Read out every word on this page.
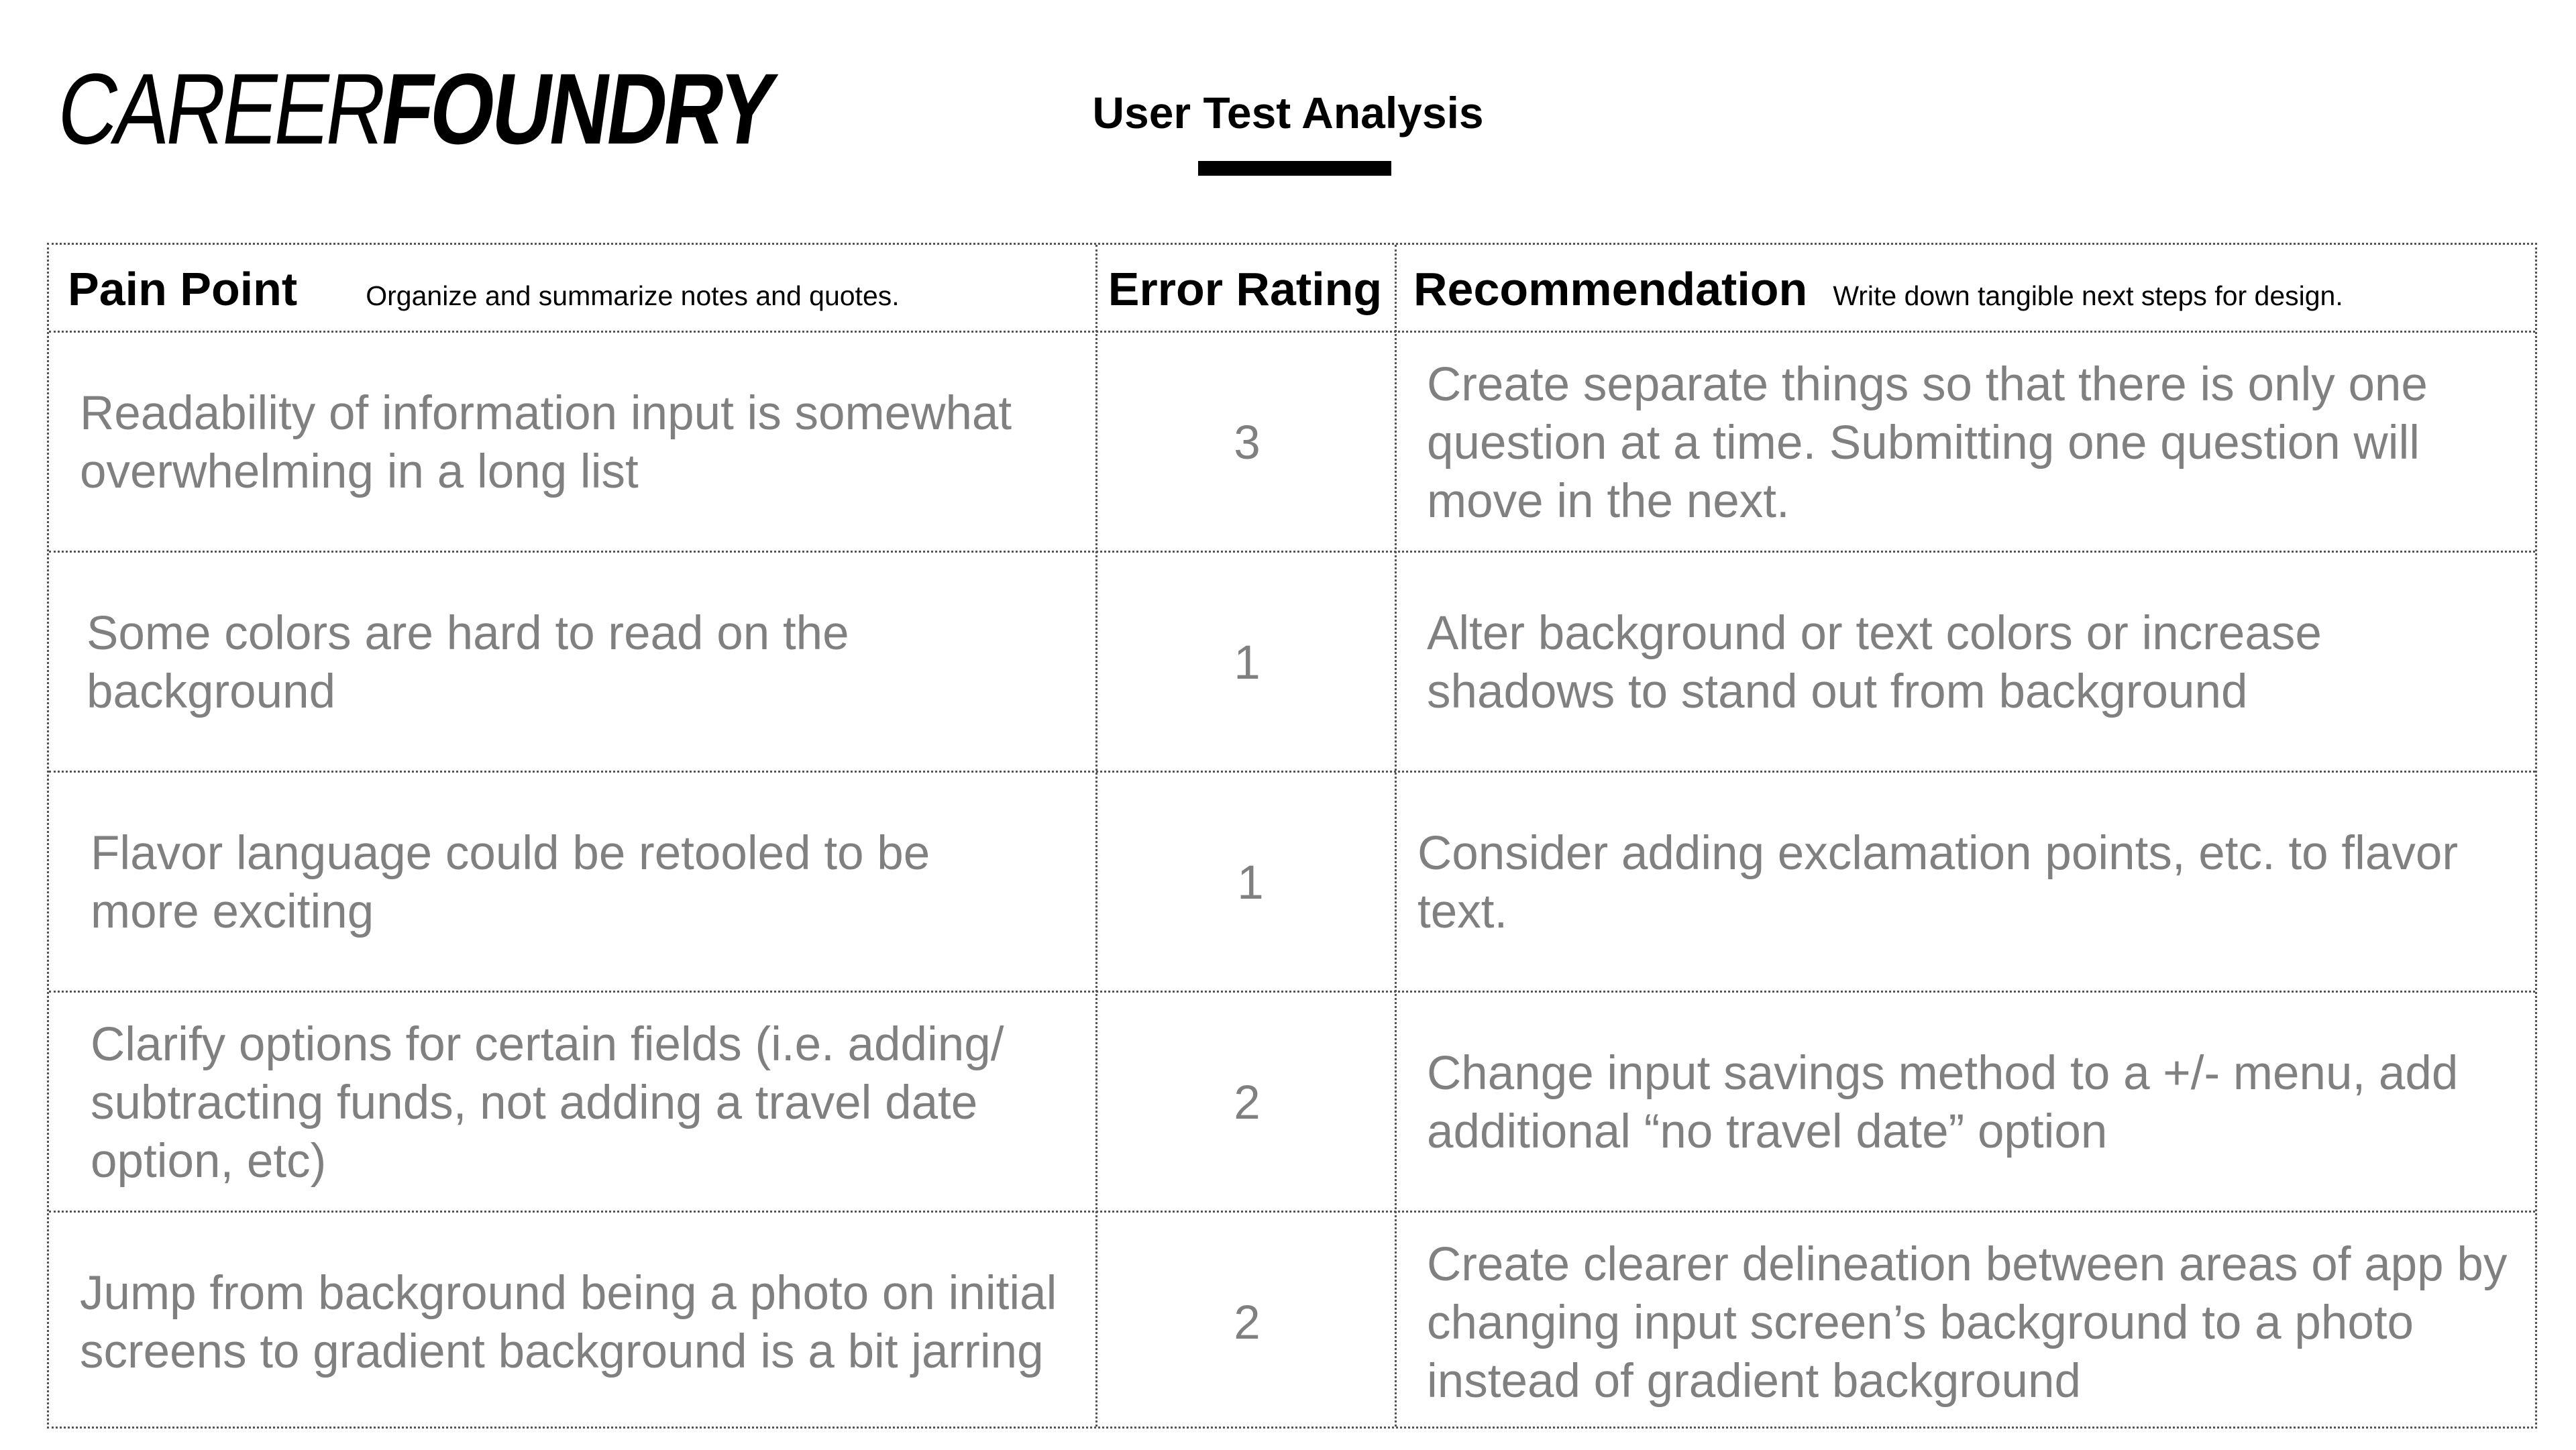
CAREER
FOUNDRY	User Test Analysis
Pain Point Organize and summarize notes and quotes.	Error Rating Recommendation Write down tangible next steps for design.
Readability of information input is somewhat overwhelming in a long list
3
Create separate things so that there is only one question at a time. Submitting one question will move in the next.
Some colors are hard to read on the background
1
Alter background or text colors or increase shadows to stand out from background
Flavor language could be retooled to be more exciting
1
Consider adding exclamation points, etc. to flavor text.
Clarify options for certain fields (i.e. adding/ subtracting funds, not adding a travel date option, etc)
2
Change input savings method to a +/- menu, add additional “no travel date” option
Jump from background being a photo on initial screens to gradient background is a bit jarring
2
Create clearer delineation between areas of app by changing input screen’s background to a photo instead of gradient background
